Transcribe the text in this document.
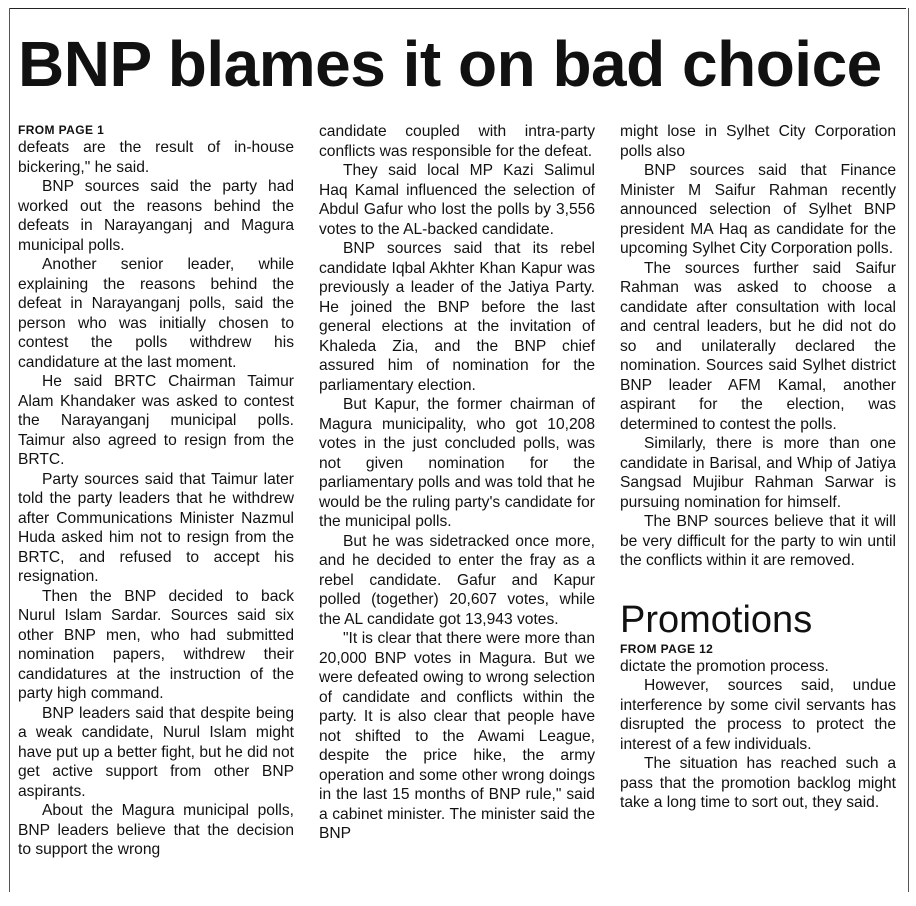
BNP blames it on bad choice

FROM PAGE 1

defeats are the result of in-house bickering," he said.

BNP sources said the party had worked out the reasons behind the defeats in Narayanganj and Magura municipal polls.

Another senior leader, while explaining the reasons behind the defeat in Narayanganj polls, said the person who was initially chosen to contest the polls withdrew his candidature at the last moment.

He said BRTC Chairman Taimur Alam Khandaker was asked to contest the Narayanganj municipal polls. Taimur also agreed to resign from the BRTC.

Party sources said that Taimur later told the party leaders that he withdrew after Communications Minister Nazmul Huda asked him not to resign from the BRTC, and refused to accept his resignation.

Then the BNP decided to back Nurul Islam Sardar. Sources said six other BNP men, who had submitted nomination papers, withdrew their candidatures at the instruction of the party high command.

BNP leaders said that despite being a weak candidate, Nurul Islam might have put up a better fight, but he did not get active support from other BNP aspirants.

About the Magura municipal polls, BNP leaders believe that the decision to support the wrong

candidate coupled with intra-party conflicts was responsible for the defeat.

They said local MP Kazi Salimul Haq Kamal influenced the selection of Abdul Gafur who lost the polls by 3,556 votes to the AL-backed candidate.

BNP sources said that its rebel candidate Iqbal Akhter Khan Kapur was previously a leader of the Jatiya Party. He joined the BNP before the last general elections at the invitation of Khaleda Zia, and the BNP chief assured him of nomination for the parliamentary election.

But Kapur, the former chairman of Magura municipality, who got 10,208 votes in the just concluded polls, was not given nomination for the parliamentary polls and was told that he would be the ruling party's candidate for the municipal polls.

But he was sidetracked once more, and he decided to enter the fray as a rebel candidate. Gafur and Kapur polled (together) 20,607 votes, while the AL candidate got 13,943 votes.

"It is clear that there were more than 20,000 BNP votes in Magura. But we were defeated owing to wrong selection of candidate and conflicts within the party. It is also clear that people have not shifted to the Awami League, despite the price hike, the army operation and some other wrong doings in the last 15 months of BNP rule," said a cabinet minister. The minister said the BNP

might lose in Sylhet City Corporation polls also

BNP sources said that Finance Minister M Saifur Rahman recently announced selection of Sylhet BNP president MA Haq as candidate for the upcoming Sylhet City Corporation polls.

The sources further said Saifur Rahman was asked to choose a candidate after consultation with local and central leaders, but he did not do so and unilaterally declared the nomination. Sources said Sylhet district BNP leader AFM Kamal, another aspirant for the election, was determined to contest the polls.

Similarly, there is more than one candidate in Barisal, and Whip of Jatiya Sangsad Mujibur Rahman Sarwar is pursuing nomination for himself.

The BNP sources believe that it will be very difficult for the party to win until the conflicts within it are removed.

Promotions

FROM PAGE 12

dictate the promotion process.

However, sources said, undue interference by some civil servants has disrupted the process to protect the interest of a few individuals.

The situation has reached such a pass that the promotion backlog might take a long time to sort out, they said.
